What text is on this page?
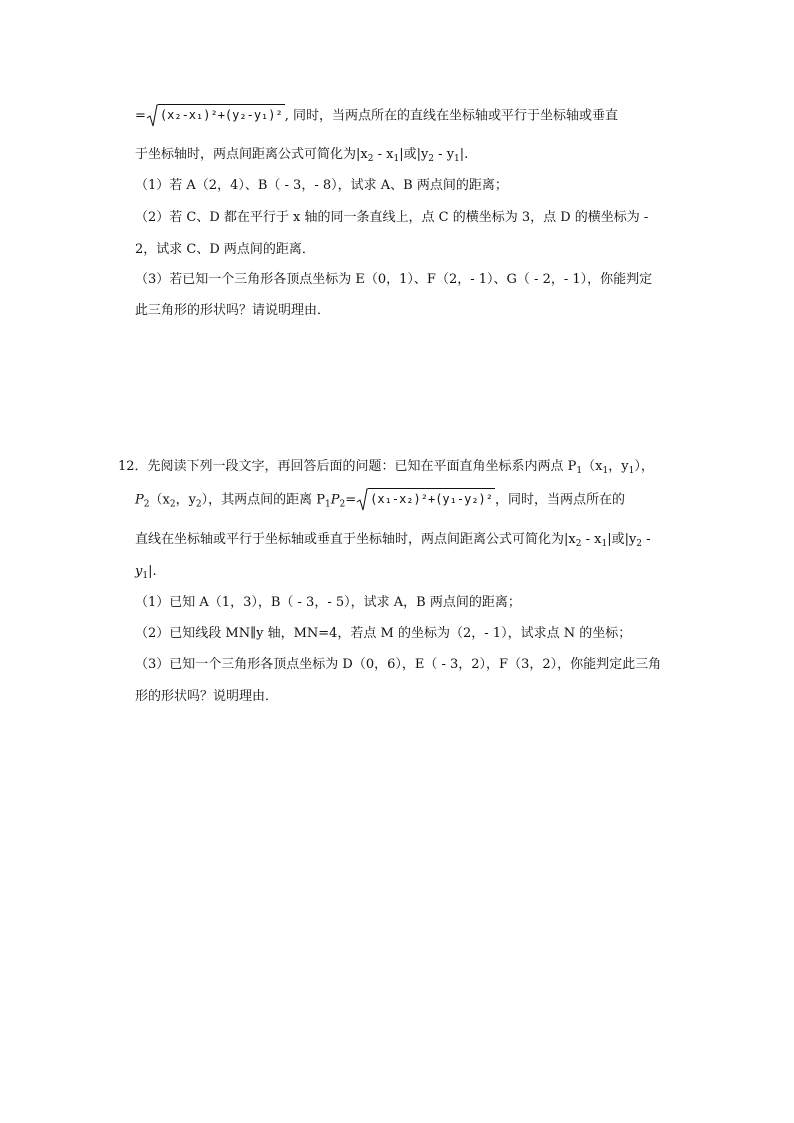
= (x₂-x₁)²+(y₂-y₁)² , 同时，当两点所在的直线在坐标轴或平行于坐标轴或垂直
于坐标轴时，两点间距离公式可简化为$|x_2 - x_1|$或$|y_2 - y_1|$.
（1）若 A（2，4）、B（ - 3，- 8），试求 A、B 两点间的距离；
（2）若 C、D 都在平行于 x 轴的同一条直线上，点 C 的横坐标为 3，点 D 的横坐标为 -
2，试求 C、D 两点间的距离．
（3）若已知一个三角形各顶点坐标为 E（0，1）、F（2，- 1）、G（ - 2，- 1），你能判定
此三角形的形状吗？请说明理由．
12．先阅读下列一段文字，再回答后面的问题：已知在平面直角坐标系内两点 $P_1(x_1$，$y_1$），
$P_2(x_2$，$y_2$），其两点间的距离 $P_1P_2= (x_1-x_2)^2+(y_1-y_2)^2$ ，同时，当两点所在的
直线在坐标轴或平行于坐标轴或垂直于坐标轴时，两点间距离公式可简化为$|x_2 - x_1|$或$|y_2$ -
$y_1|$.
（1）已知 A（1，3），B（ - 3，- 5），试求 A，B 两点间的距离；
（2）已知线段 MN∥y 轴，MN=4，若点 M 的坐标为（2，- 1），试求点 N 的坐标；
（3）已知一个三角形各顶点坐标为 D（0，6），E（ - 3，2），F（3，2），你能判定此三角
形的形状吗？说明理由．
